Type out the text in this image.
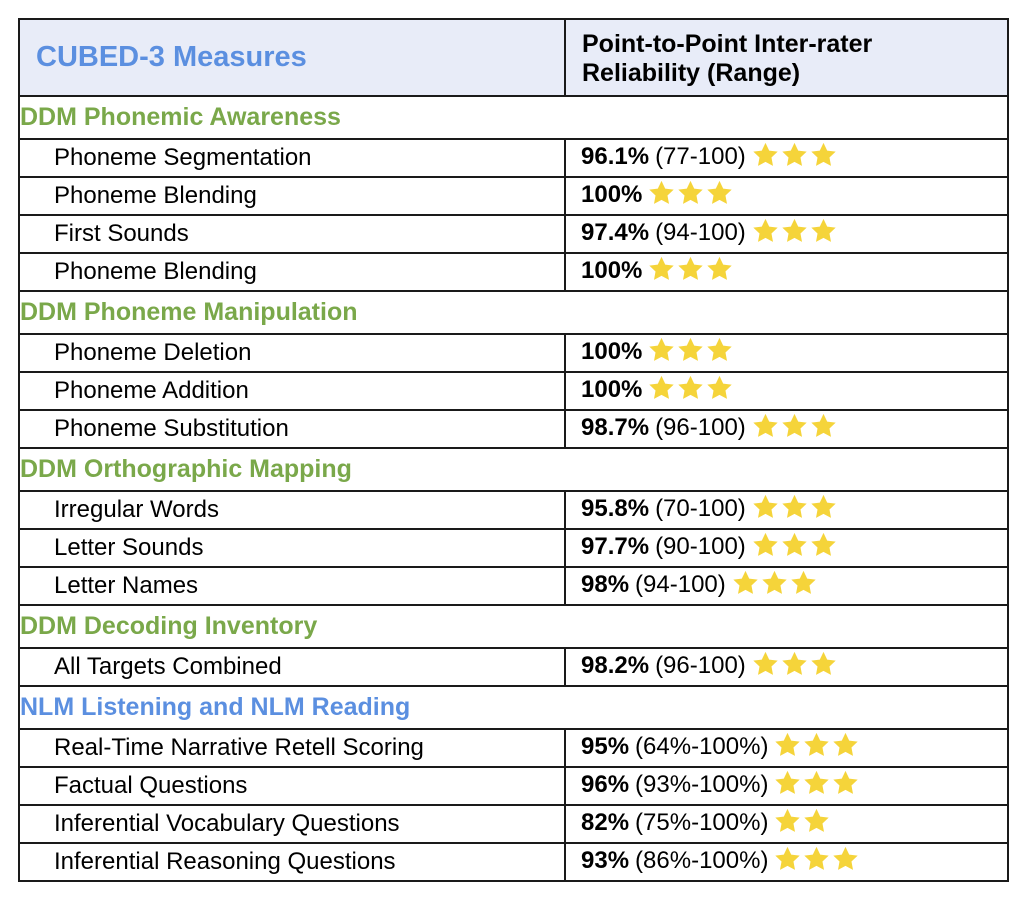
CUBED-3 Measures	Point-to-Point Inter-rater
Reliability (Range)

DDM Phonemic Awareness	
Phoneme Segmentation	96.1% (77-100)
Phoneme Blending	100%
First Sounds	97.4% (94-100)
Phoneme Blending	100%
DDM Phoneme Manipulation	
Phoneme Deletion	100%
Phoneme Addition	100%
Phoneme Substitution	98.7% (96-100)
DDM Orthographic Mapping	
Irregular Words	95.8% (70-100)
Letter Sounds	97.7% (90-100)
Letter Names	98% (94-100)
DDM Decoding Inventory	
All Targets Combined	98.2% (96-100)
NLM Listening and NLM Reading	
Real-Time Narrative Retell Scoring	95% (64%-100%)
Factual Questions	96% (93%-100%)
Inferential Vocabulary Questions	82% (75%-100%)
Inferential Reasoning Questions	93% (86%-100%)
